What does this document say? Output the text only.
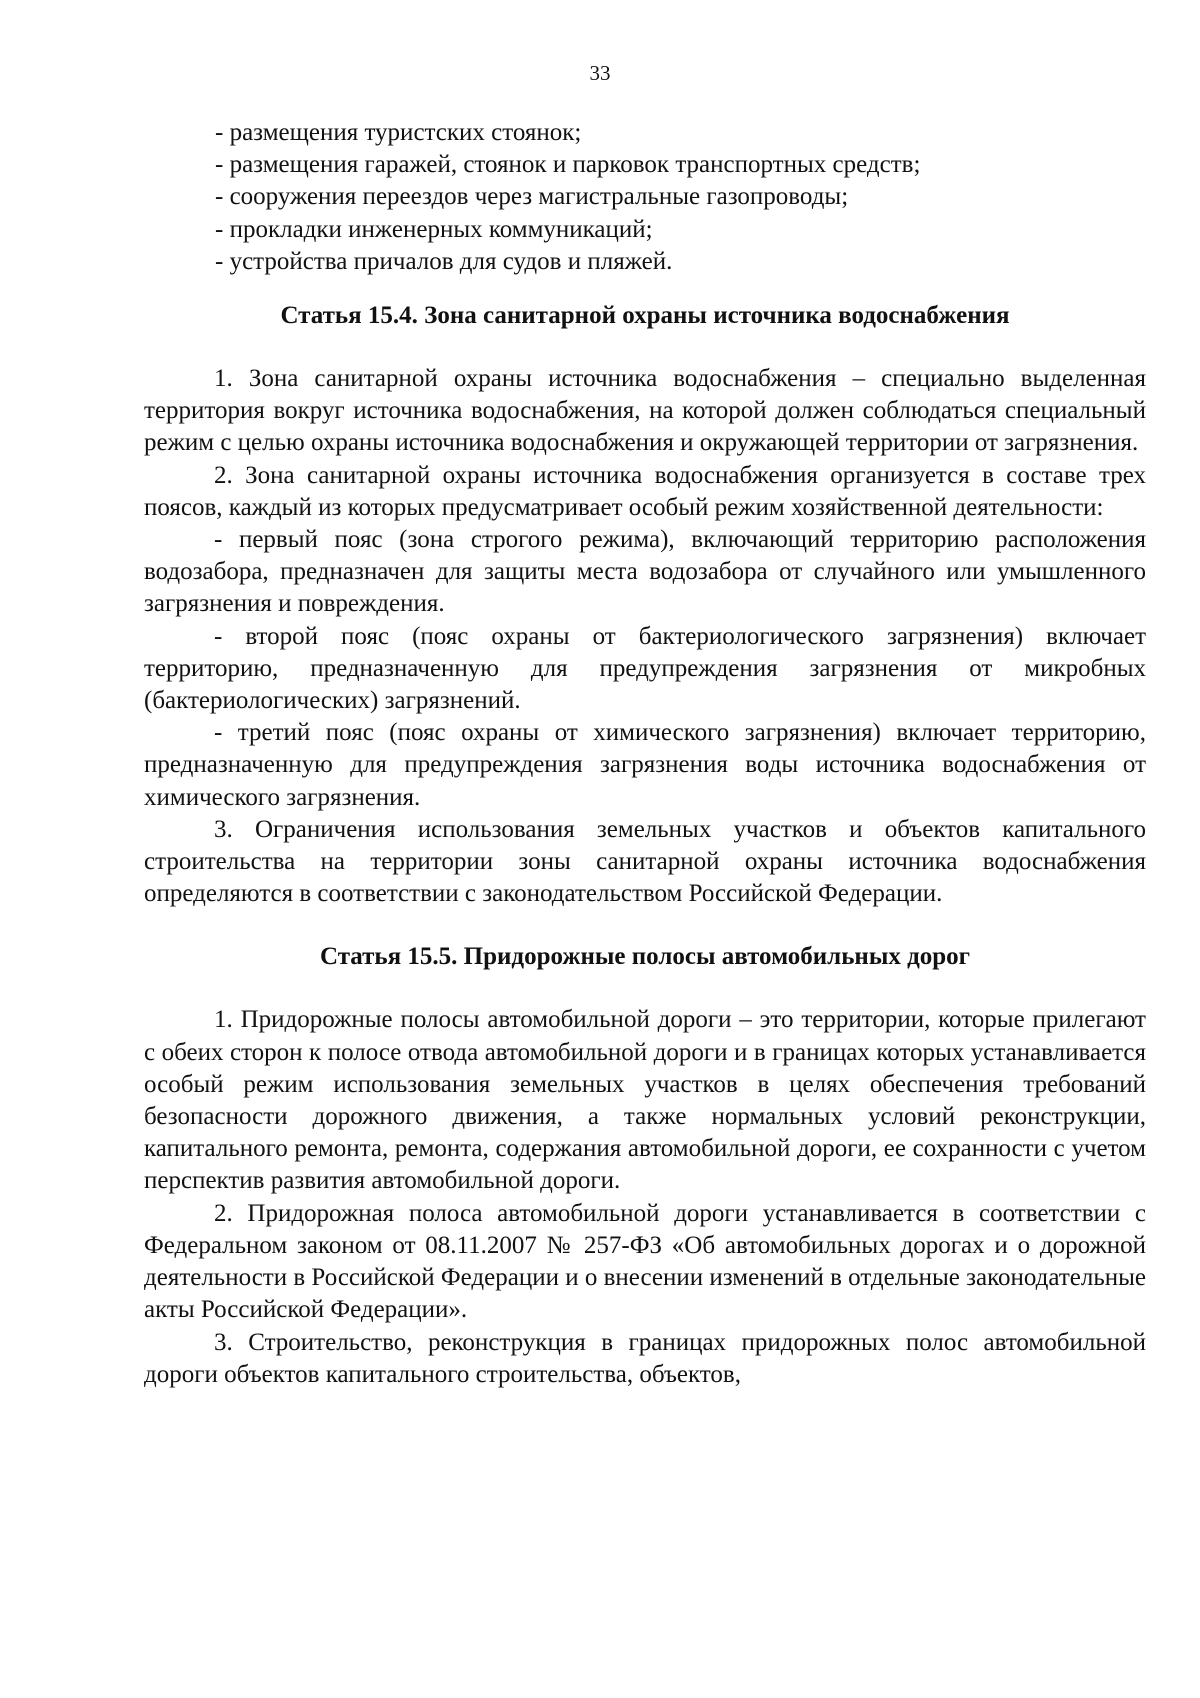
33

- размещения туристских стоянок;

- размещения гаражей, стоянок и парковок транспортных средств;

- сооружения переездов через магистральные газопроводы;

- прокладки инженерных коммуникаций;

- устройства причалов для судов и пляжей.

Статья 15.4. Зона санитарной охраны источника водоснабжения

1. Зона санитарной охраны источника водоснабжения – специально выделенная территория вокруг источника водоснабжения, на которой должен соблюдаться специальный режим с целью охраны источника водоснабжения и окружающей территории от загрязнения.

2. Зона санитарной охраны источника водоснабжения организуется в составе трех поясов, каждый из которых предусматривает особый режим хозяйственной деятельности:

- первый пояс (зона строгого режима), включающий территорию расположения водозабора, предназначен для защиты места водозабора от случайного или умышленного загрязнения и повреждения.

- второй пояс (пояс охраны от бактериологического загрязнения) включает территорию, предназначенную для предупреждения загрязнения от микробных (бактериологических) загрязнений.

- третий пояс (пояс охраны от химического загрязнения) включает территорию, предназначенную для предупреждения загрязнения воды источника водоснабжения от химического загрязнения.

3. Ограничения использования земельных участков и объектов капитального строительства на территории зоны санитарной охраны источника водоснабжения определяются в соответствии с законодательством Российской Федерации.

Статья 15.5. Придорожные полосы автомобильных дорог

1. Придорожные полосы автомобильной дороги – это территории, которые прилегают с обеих сторон к полосе отвода автомобильной дороги и в границах которых устанавливается особый режим использования земельных участков в целях обеспечения требований безопасности дорожного движения, а также нормальных условий реконструкции, капитального ремонта, ремонта, содержания автомобильной дороги, ее сохранности с учетом перспектив развития автомобильной дороги.

2. Придорожная полоса автомобильной дороги устанавливается в соответствии с Федеральном законом от 08.11.2007 № 257-ФЗ «Об автомобильных дорогах и о дорожной деятельности в Российской Федерации и о внесении изменений в отдельные законодательные акты Российской Федерации».

3. Строительство, реконструкция в границах придорожных полос автомобильной дороги объектов капитального строительства, объектов,
